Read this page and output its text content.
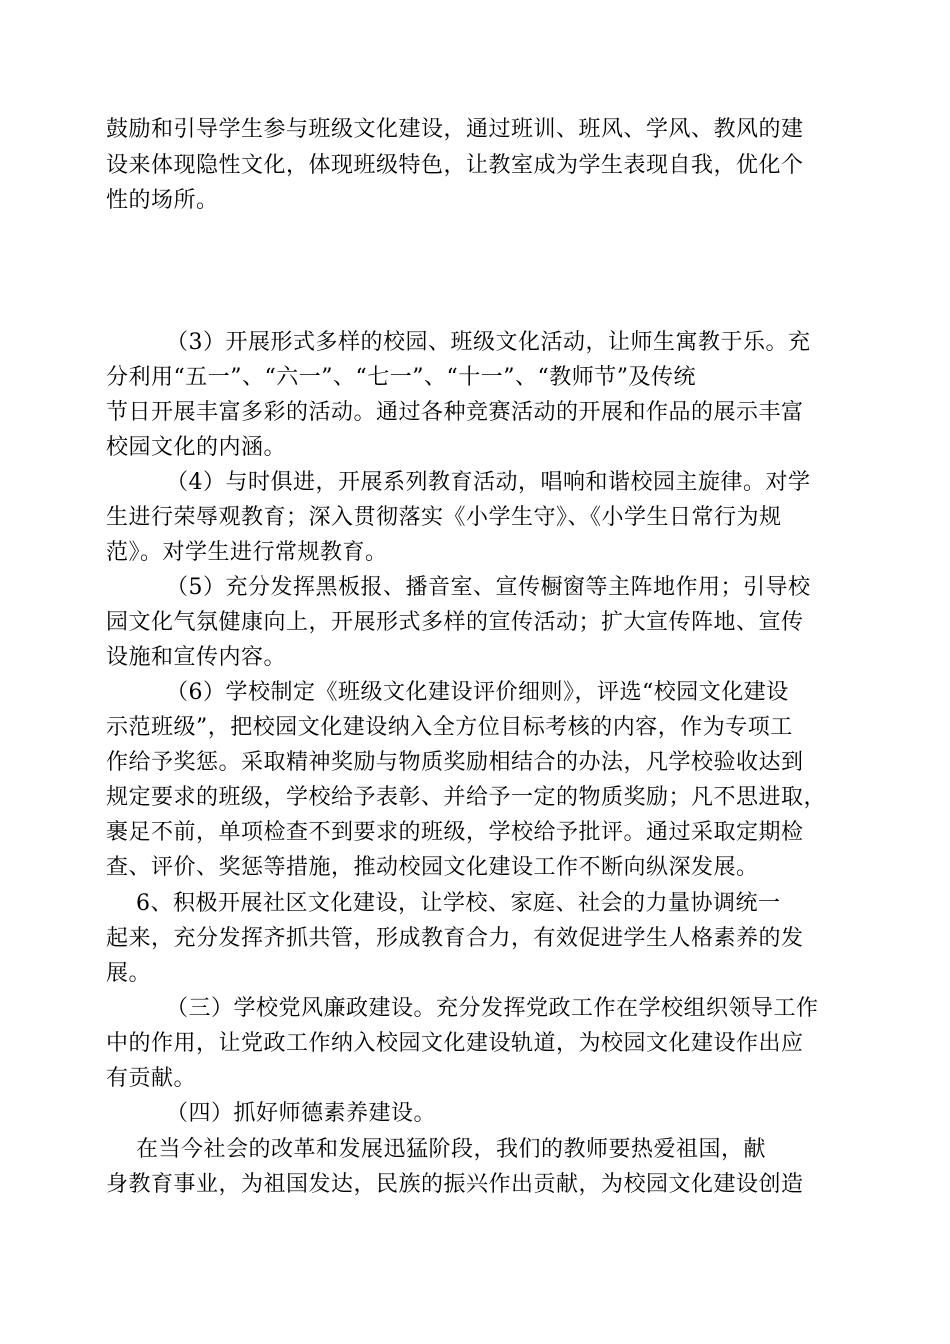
鼓励和引导学生参与班级文化建设，通过班训、班风、学风、教风的建
设来体现隐性文化，体现班级特色，让教室成为学生表现自我，优化个
性的场所。
（3）开展形式多样的校园、班级文化活动，让师生寓教于乐。充
分利用“五一”、“六一”、“七一”、“十一”、“教师节”及传统
节日开展丰富多彩的活动。通过各种竞赛活动的开展和作品的展示丰富
校园文化的内涵。
（4）与时俱进，开展系列教育活动，唱响和谐校园主旋律。对学
生进行荣辱观教育；深入贯彻落实《小学生守》、《小学生日常行为规
范》。对学生进行常规教育。
（5）充分发挥黑板报、播音室、宣传橱窗等主阵地作用；引导校
园文化气氛健康向上，开展形式多样的宣传活动；扩大宣传阵地、宣传
设施和宣传内容。
（6）学校制定《班级文化建设评价细则》，评选“校园文化建设
示范班级”，把校园文化建设纳入全方位目标考核的内容，作为专项工
作给予奖惩。采取精神奖励与物质奖励相结合的办法，凡学校验收达到
规定要求的班级，学校给予表彰、并给予一定的物质奖励；凡不思进取，
裹足不前，单项检查不到要求的班级，学校给予批评。通过采取定期检
查、评价、奖惩等措施，推动校园文化建设工作不断向纵深发展。
6、积极开展社区文化建设，让学校、家庭、社会的力量协调统一
起来，充分发挥齐抓共管，形成教育合力，有效促进学生人格素养的发
展。
（三）学校党风廉政建设。充分发挥党政工作在学校组织领导工作
中的作用，让党政工作纳入校园文化建设轨道，为校园文化建设作出应
有贡献。
（四）抓好师德素养建设。
在当今社会的改革和发展迅猛阶段，我们的教师要热爱祖国，献
身教育事业，为祖国发达，民族的振兴作出贡献，为校园文化建设创造
